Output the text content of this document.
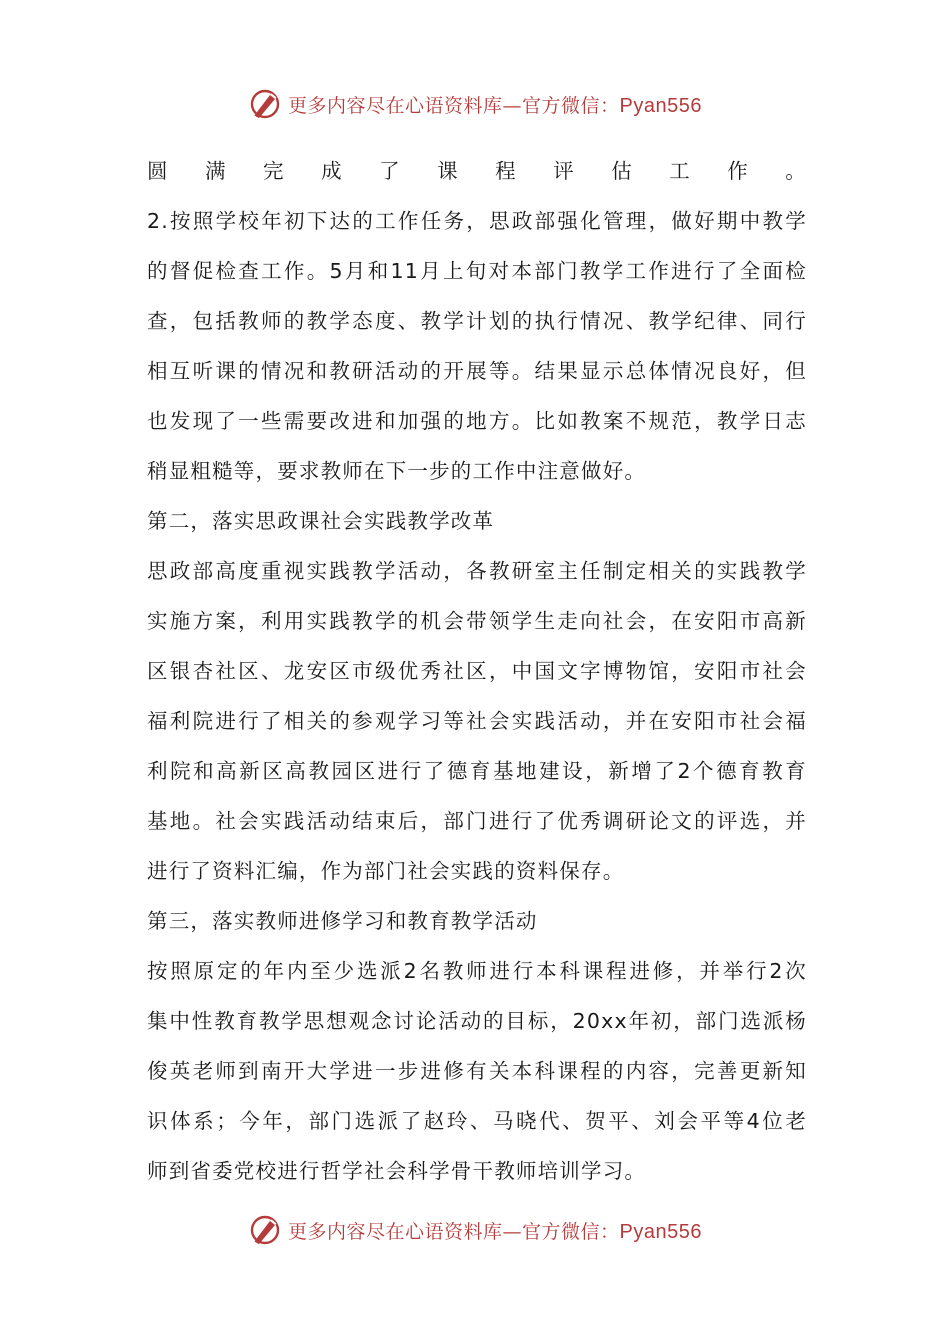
更多内容尽在心语资料库—官方微信：Pyan556
圆满完成了课程评估工作。
2.按照学校年初下达的工作任务，思政部强化管理，做好期中教学
的督促检查工作。5月和11月上旬对本部门教学工作进行了全面检
查，包括教师的教学态度、教学计划的执行情况、教学纪律、同行
相互听课的情况和教研活动的开展等。结果显示总体情况良好，但
也发现了一些需要改进和加强的地方。比如教案不规范，教学日志
稍显粗糙等，要求教师在下一步的工作中注意做好。
第二，落实思政课社会实践教学改革
思政部高度重视实践教学活动，各教研室主任制定相关的实践教学
实施方案，利用实践教学的机会带领学生走向社会，在安阳市高新
区银杏社区、龙安区市级优秀社区，中国文字博物馆，安阳市社会
福利院进行了相关的参观学习等社会实践活动，并在安阳市社会福
利院和高新区高教园区进行了德育基地建设，新增了2个德育教育
基地。社会实践活动结束后，部门进行了优秀调研论文的评选，并
进行了资料汇编，作为部门社会实践的资料保存。
第三，落实教师进修学习和教育教学活动
按照原定的年内至少选派2名教师进行本科课程进修，并举行2次
集中性教育教学思想观念讨论活动的目标，20xx年初，部门选派杨
俊英老师到南开大学进一步进修有关本科课程的内容，完善更新知
识体系；今年，部门选派了赵玲、马晓代、贺平、刘会平等4位老
师到省委党校进行哲学社会科学骨干教师培训学习。
更多内容尽在心语资料库—官方微信：Pyan556
